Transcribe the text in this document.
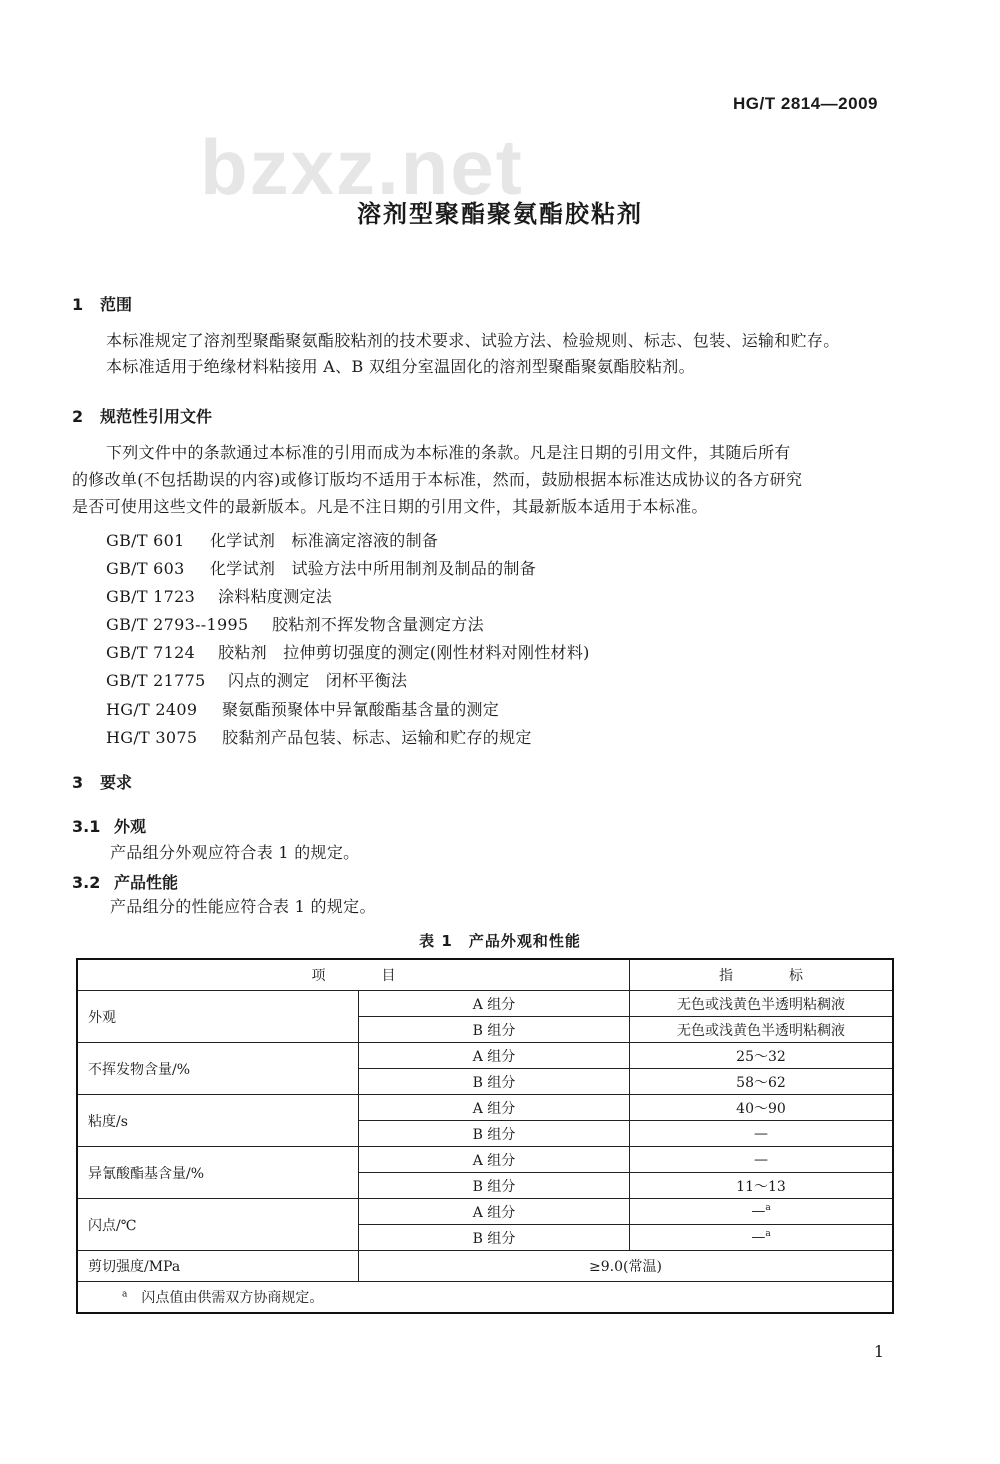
HG/T 2814—2009
bzxz.net
溶剂型聚酯聚氨酯胶粘剂
1 范围
本标准规定了溶剂型聚酯聚氨酯胶粘剂的技术要求、试验方法、检验规则、标志、包装、运输和贮存。
本标准适用于绝缘材料粘接用 A、B 双组分室温固化的溶剂型聚酯聚氨酯胶粘剂。
2 规范性引用文件
下列文件中的条款通过本标准的引用而成为本标准的条款。凡是注日期的引用文件，其随后所有
的修改单(不包括勘误的内容)或修订版均不适用于本标准，然而，鼓励根据本标准达成协议的各方研究
是否可使用这些文件的最新版本。凡是不注日期的引用文件，其最新版本适用于本标准。
GB/T 601 化学试剂　标准滴定溶液的制备
GB/T 603 化学试剂　试验方法中所用制剂及制品的制备
GB/T 1723 涂料粘度测定法
GB/T 2793--1995 胶粘剂不挥发物含量测定方法
GB/T 7124 胶粘剂　拉伸剪切强度的测定(刚性材料对刚性材料)
GB/T 21775 闪点的测定　闭杯平衡法
HG/T 2409 聚氨酯预聚体中异氰酸酯基含量的测定
HG/T 3075 胶黏剂产品包装、标志、运输和贮存的规定
3 要求
3.1 外观
产品组分外观应符合表 1 的规定。
3.2 产品性能
产品组分的性能应符合表 1 的规定。
表 1　产品外观和性能
项　　　　目		指　　　　标
外观	A 组分	无色或浅黄色半透明粘稠液
	B 组分	无色或浅黄色半透明粘稠液
不挥发物含量/%	A 组分	25～32
	B 组分	58～62
粘度/s	A 组分	40～90
	B 组分	—
异氰酸酯基含量/%	A 组分	—
	B 组分	11～13
闪点/℃	A 组分	—$^a$
	B 组分	—$^a$
剪切强度/MPa	≥9.0(常温)	
$^a$　 闪点值由供需双方协商规定。		
1
